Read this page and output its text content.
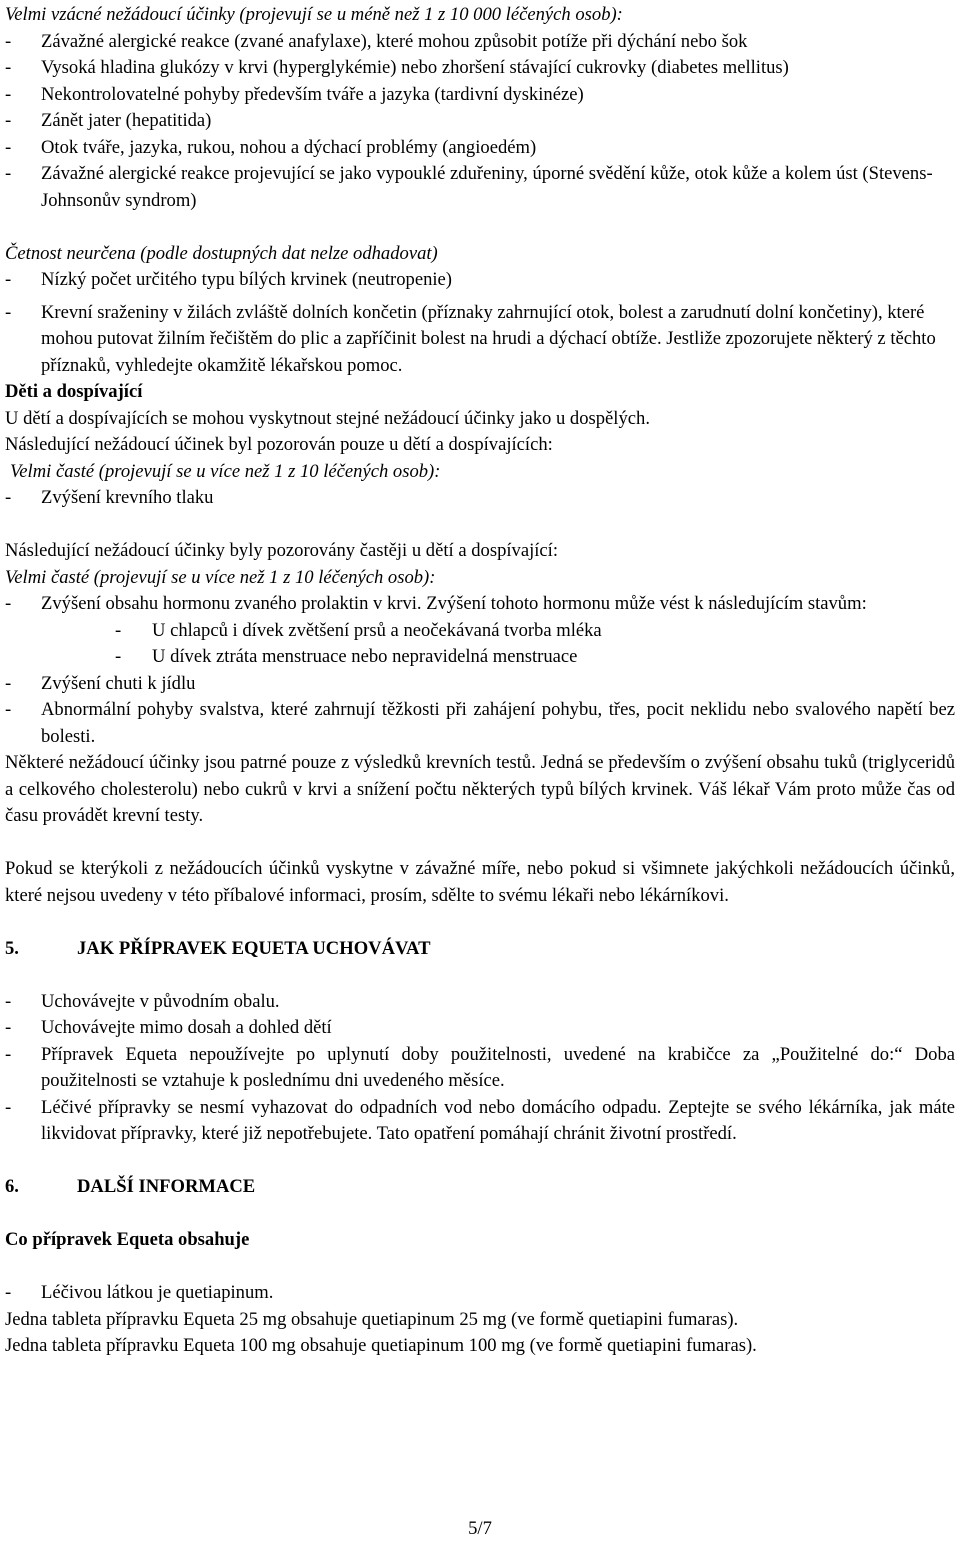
Velmi vzácné nežádoucí účinky (projevují se u méně než 1 z 10 000 léčených osob):
-	Závažné alergické reakce (zvané anafylaxe), které mohou způsobit potíže při dýchání nebo šok
-	Vysoká hladina glukózy v krvi (hyperglykémie) nebo zhoršení stávající cukrovky (diabetes mellitus)
-	Nekontrolovatelné pohyby především tváře a jazyka (tardivní dyskinéze)
-	Zánět jater (hepatitida)
-	Otok tváře, jazyka, rukou, nohou a dýchací problémy (angioedém)
-	Závažné alergické reakce projevující se jako vypouklé zduřeniny, úporné svědění kůže, otok kůže a kolem úst (Stevens-Johnsonův syndrom)
Četnost neurčena (podle dostupných dat nelze odhadovat)
-	Nízký počet určitého typu bílých krvinek (neutropenie)
-	Krevní sraženiny v žilách zvláště dolních končetin (příznaky zahrnující otok, bolest a zarudnutí dolní končetiny), které mohou putovat žilním řečištěm do plic a zapříčinit bolest na hrudi a dýchací obtíže. Jestliže zpozorujete některý z těchto příznaků, vyhledejte okamžitě lékařskou pomoc.
Děti a dospívající
U dětí a dospívajících se mohou vyskytnout stejné nežádoucí účinky jako u dospělých.
Následující nežádoucí účinek byl pozorován pouze u dětí a dospívajících:
Velmi časté (projevují se u více než 1 z 10 léčených osob):
-	Zvýšení krevního tlaku
Následující nežádoucí účinky byly pozorovány častěji u dětí a dospívající:
Velmi časté (projevují se u více než 1 z 10 léčených osob):
-	Zvýšení obsahu hormonu zvaného prolaktin v krvi. Zvýšení tohoto hormonu může vést k následujícím stavům:
-	U chlapců i dívek zvětšení prsů a neočekávaná tvorba mléka
-	U dívek ztráta menstruace nebo nepravidelná menstruace
-	Zvýšení chuti k jídlu
-	Abnormální pohyby svalstva, které zahrnují těžkosti při zahájení pohybu, třes, pocit neklidu nebo svalového napětí bez bolesti.
Některé nežádoucí účinky jsou patrné pouze z výsledků krevních testů. Jedná se především o zvýšení obsahu tuků (triglyceridů a celkového cholesterolu) nebo cukrů v krvi a snížení počtu některých typů bílých krvinek. Váš lékař Vám proto může čas od času provádět krevní testy.
Pokud se kterýkoli z nežádoucích účinků vyskytne v závažné míře, nebo pokud si všimnete jakýchkoli nežádoucích účinků, které nejsou uvedeny v této příbalové informaci, prosím, sdělte to svému lékaři nebo lékárníkovi.
5.	JAK PŘÍPRAVEK EQUETA UCHOVÁVAT
-	Uchovávejte v původním obalu.
-	Uchovávejte mimo dosah a dohled dětí
-	Přípravek Equeta nepoužívejte po uplynutí doby použitelnosti, uvedené na krabičce za „Použitelné do:“ Doba použitelnosti se vztahuje k poslednímu dni uvedeného měsíce.
-	Léčivé přípravky se nesmí vyhazovat do odpadních vod nebo domácího odpadu. Zeptejte se svého lékárníka, jak máte likvidovat přípravky, které již nepotřebujete. Tato opatření pomáhají chránit životní prostředí.
6.	DALŠÍ INFORMACE
Co přípravek Equeta obsahuje
-	Léčivou látkou je quetiapinum.
Jedna tableta přípravku Equeta 25 mg obsahuje quetiapinum 25 mg (ve formě quetiapini fumaras).
Jedna tableta přípravku Equeta 100 mg obsahuje quetiapinum 100 mg (ve formě quetiapini fumaras).
5/7
